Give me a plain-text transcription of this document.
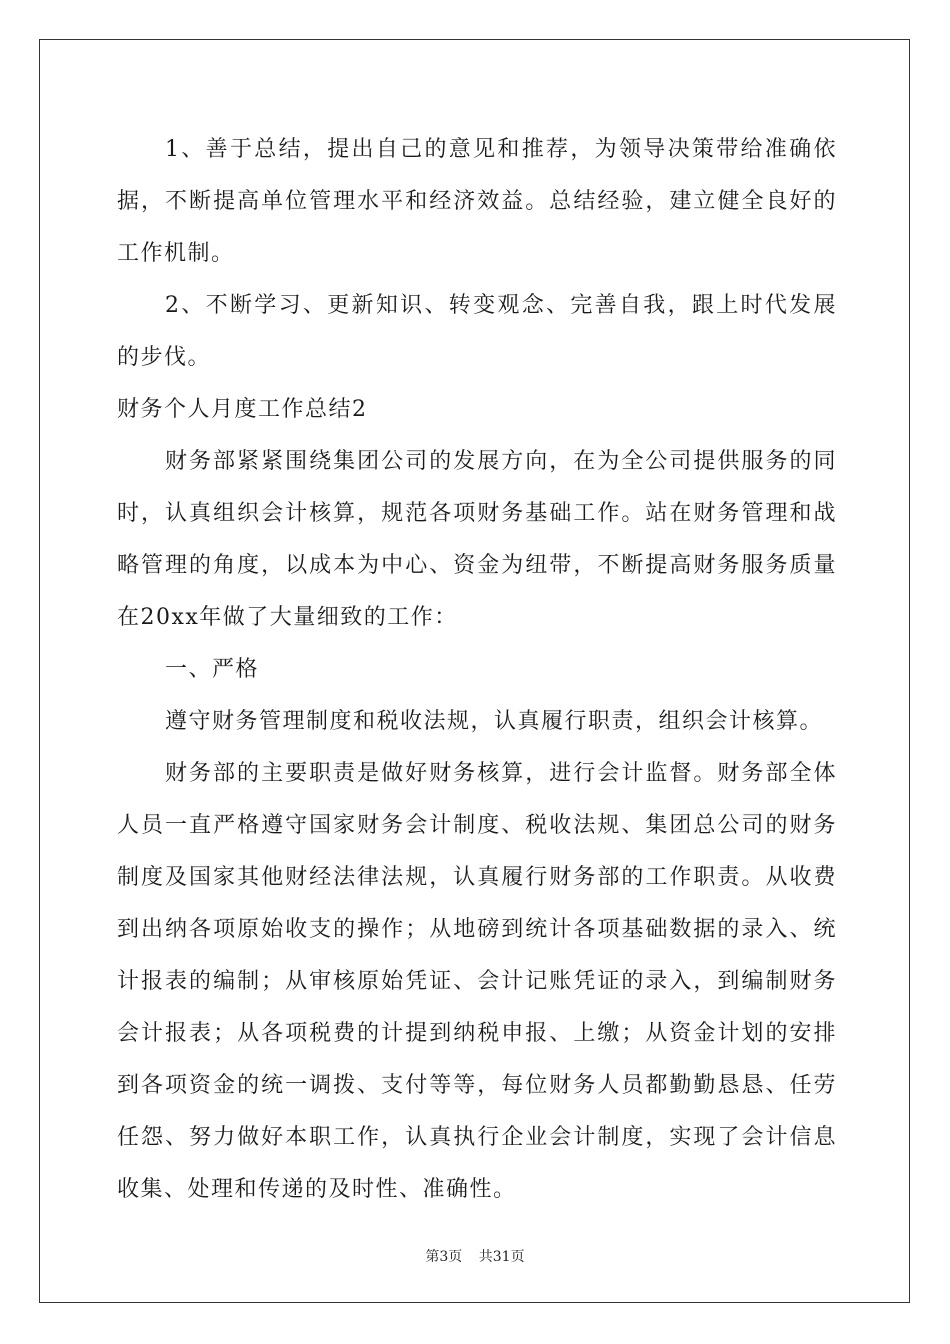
1、善于总结，提出自己的意见和推荐，为领导决策带给准确依据，不断提高单位管理水平和经济效益。总结经验，建立健全良好的工作机制。

2、不断学习、更新知识、转变观念、完善自我，跟上时代发展的步伐。

财务个人月度工作总结2

财务部紧紧围绕集团公司的发展方向，在为全公司提供服务的同时，认真组织会计核算，规范各项财务基础工作。站在财务管理和战略管理的角度，以成本为中心、资金为纽带，不断提高财务服务质量在20xx年做了大量细致的工作：

一、严格

遵守财务管理制度和税收法规，认真履行职责，组织会计核算。

财务部的主要职责是做好财务核算，进行会计监督。财务部全体人员一直严格遵守国家财务会计制度、税收法规、集团总公司的财务制度及国家其他财经法律法规，认真履行财务部的工作职责。从收费到出纳各项原始收支的操作；从地磅到统计各项基础数据的录入、统计报表的编制；从审核原始凭证、会计记账凭证的录入，到编制财务会计报表；从各项税费的计提到纳税申报、上缴；从资金计划的安排到各项资金的统一调拨、支付等等，每位财务人员都勤勤恳恳、任劳任怨、努力做好本职工作，认真执行企业会计制度，实现了会计信息收集、处理和传递的及时性、准确性。

第3页 共31页
